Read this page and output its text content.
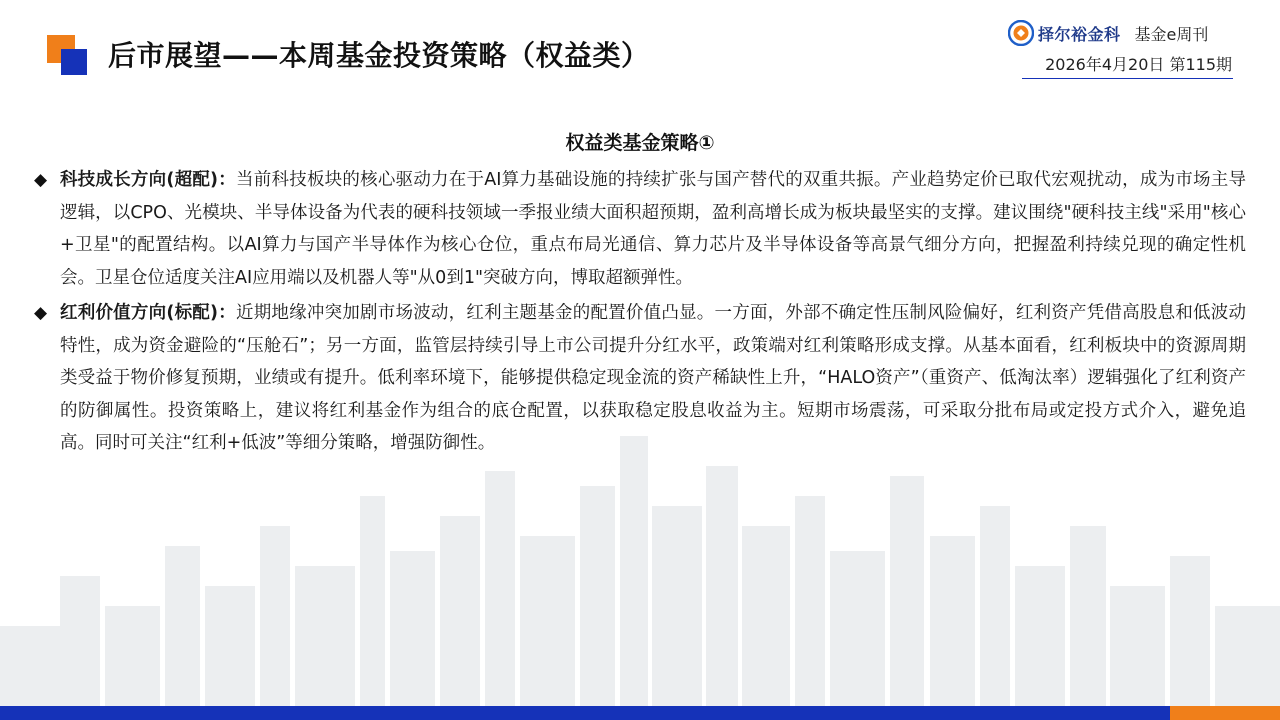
后市展望——本周基金投资策略（权益类）
择尔裕金科 基金e周刊
2026年4月20日 第115期
权益类基金策略①
◆ 科技成长方向(超配)：当前科技板块的核心驱动力在于AI算力基础设施的持续扩张与国产替代的双重共振。产业趋势定价已取代宏观扰动，成为市场主导逻辑，以CPO、光模块、半导体设备为代表的硬科技领域一季报业绩大面积超预期，盈利高增长成为板块最坚实的支撑。建议围绕"硬科技主线"采用"核心+卫星"的配置结构。以AI算力与国产半导体作为核心仓位，重点布局光通信、算力芯片及半导体设备等高景气细分方向，把握盈利持续兑现的确定性机会。卫星仓位适度关注AI应用端以及机器人等"从0到1"突破方向，博取超额弹性。
◆ 红利价值方向(标配)：近期地缘冲突加剧市场波动，红利主题基金的配置价值凸显。一方面，外部不确定性压制风险偏好，红利资产凭借高股息和低波动特性，成为资金避险的“压舱石”；另一方面，监管层持续引导上市公司提升分红水平，政策端对红利策略形成支撑。从基本面看，红利板块中的资源周期类受益于物价修复预期，业绩或有提升。低利率环境下，能够提供稳定现金流的资产稀缺性上升，“HALO资产”（重资产、低淘汰率）逻辑强化了红利资产的防御属性。投资策略上，建议将红利基金作为组合的底仓配置，以获取稳定股息收益为主。短期市场震荡，可采取分批布局或定投方式介入，避免追高。同时可关注“红利+低波”等细分策略，增强防御性。
